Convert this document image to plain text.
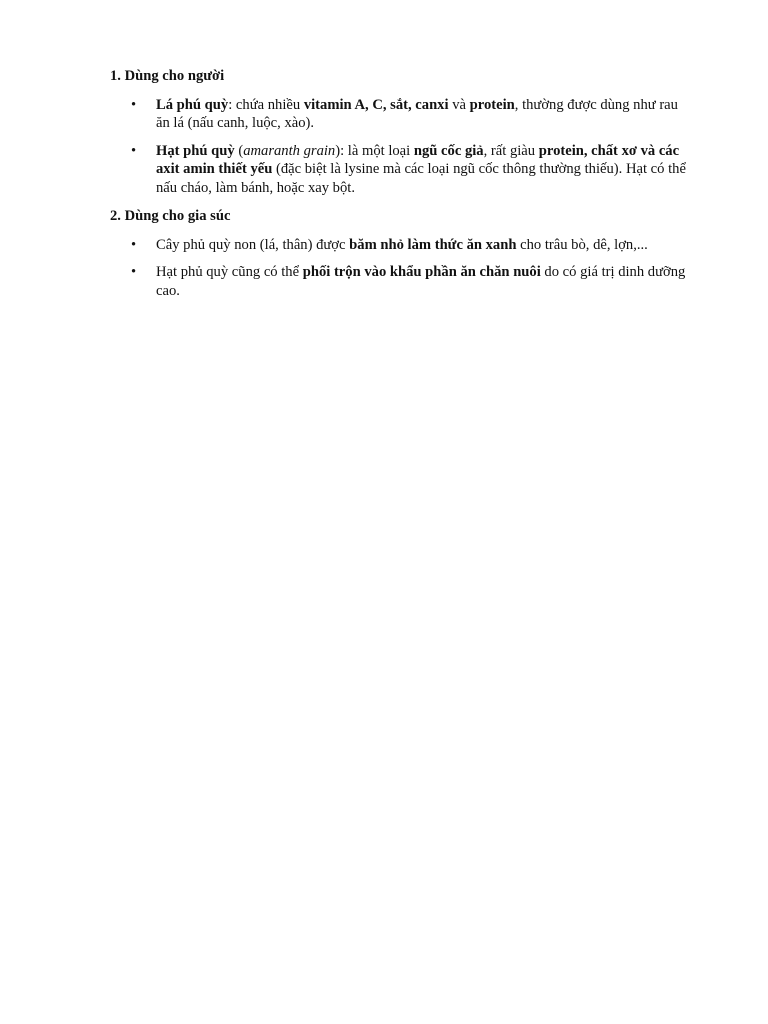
1. Dùng cho người
• Lá phú quỳ: chứa nhiều vitamin A, C, sắt, canxi và protein, thường được dùng như rau ăn lá (nấu canh, luộc, xào).
• Hạt phú quỳ (amaranth grain): là một loại ngũ cốc giả, rất giàu protein, chất xơ và các axit amin thiết yếu (đặc biệt là lysine mà các loại ngũ cốc thông thường thiếu). Hạt có thể nấu cháo, làm bánh, hoặc xay bột.
2. Dùng cho gia súc
• Cây phủ quỳ non (lá, thân) được băm nhỏ làm thức ăn xanh cho trâu bò, dê, lợn,...
• Hạt phủ quỳ cũng có thể phối trộn vào khẩu phần ăn chăn nuôi do có giá trị dinh dưỡng cao.
